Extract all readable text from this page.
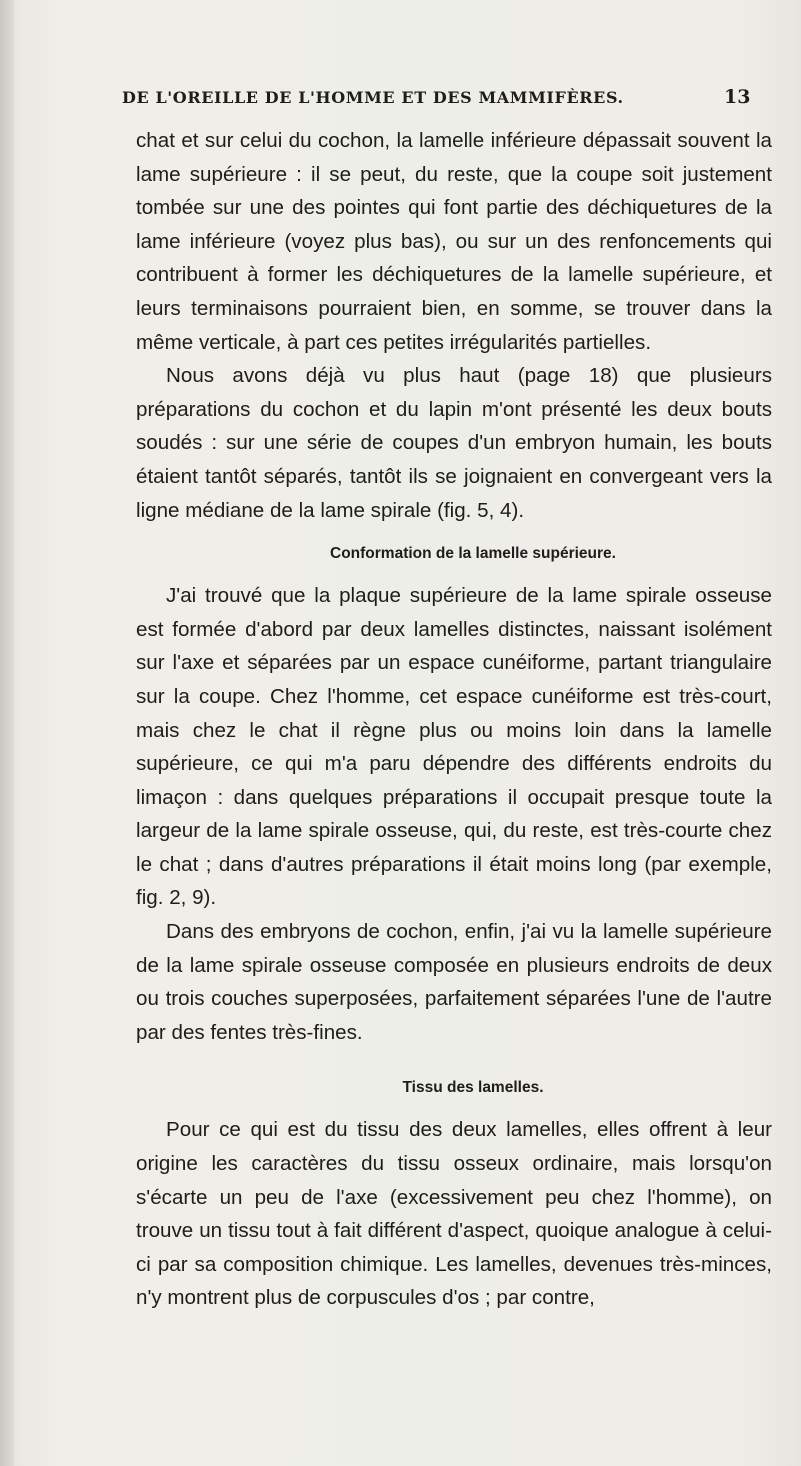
DE L'OREILLE DE L'HOMME ET DES MAMMIFÈRES.	13

chat et sur celui du cochon, la lamelle inférieure dépassait souvent la lame supérieure : il se peut, du reste, que la coupe soit justement tombée sur une des pointes qui font partie des déchiquetures de la lame inférieure (voyez plus bas), ou sur un des renfoncements qui contribuent à former les déchiquetures de la lamelle supérieure, et leurs terminaisons pourraient bien, en somme, se trouver dans la même verticale, à part ces petites irrégularités partielles.

Nous avons déjà vu plus haut (page 18) que plusieurs préparations du cochon et du lapin m'ont présenté les deux bouts soudés : sur une série de coupes d'un embryon humain, les bouts étaient tantôt séparés, tantôt ils se joignaient en convergeant vers la ligne médiane de la lame spirale (fig. 5, 4).

Conformation de la lamelle supérieure.

J'ai trouvé que la plaque supérieure de la lame spirale osseuse est formée d'abord par deux lamelles distinctes, naissant isolément sur l'axe et séparées par un espace cunéiforme, partant triangulaire sur la coupe. Chez l'homme, cet espace cunéiforme est très-court, mais chez le chat il règne plus ou moins loin dans la lamelle supérieure, ce qui m'a paru dépendre des différents endroits du limaçon : dans quelques préparations il occupait presque toute la largeur de la lame spirale osseuse, qui, du reste, est très-courte chez le chat ; dans d'autres préparations il était moins long (par exemple, fig. 2, 9).

Dans des embryons de cochon, enfin, j'ai vu la lamelle supérieure de la lame spirale osseuse composée en plusieurs endroits de deux ou trois couches superposées, parfaitement séparées l'une de l'autre par des fentes très-fines.

Tissu des lamelles.

Pour ce qui est du tissu des deux lamelles, elles offrent à leur origine les caractères du tissu osseux ordinaire, mais lorsqu'on s'écarte un peu de l'axe (excessivement peu chez l'homme), on trouve un tissu tout à fait différent d'aspect, quoique analogue à celui-ci par sa composition chimique. Les lamelles, devenues très-minces, n'y montrent plus de corpuscules d'os ; par contre,
